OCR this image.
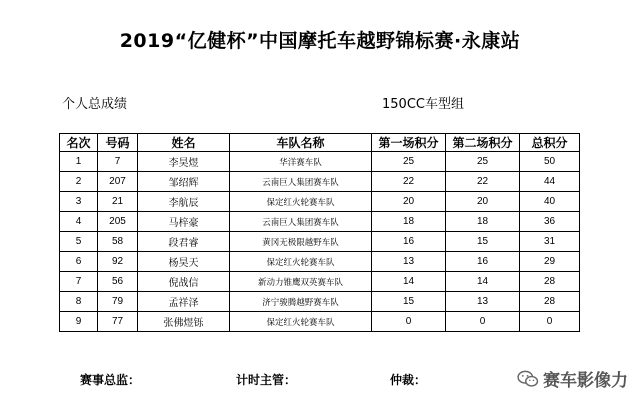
2019“亿健杯”中国摩托车越野锦标赛·永康站
个人总成绩	150CC车型组
名次	号码	姓名	车队名称	第一场积分	第二场积分	总积分
1	7	李昊煜	华洋赛车队	25	25	50
2	207	邹绍辉	云南巨人集团赛车队	22	22	44
3	21	李航辰	保定红火轮赛车队	20	20	40
4	205	马梓豪	云南巨人集团赛车队	18	18	36
5	58	段君睿	黄冈无极限越野车队	16	15	31
6	92	杨昊天	保定红火轮赛车队	13	16	29
7	56	倪战信	新动力锥鹰双英赛车队	14	14	28
8	79	孟祥泽	济宁骏腾越野赛车队	15	13	28
9	77	张佛煜铄	保定红火轮赛车队	0	0	0
赛事总监：	计时主管：	仲裁：	赛车影像力
